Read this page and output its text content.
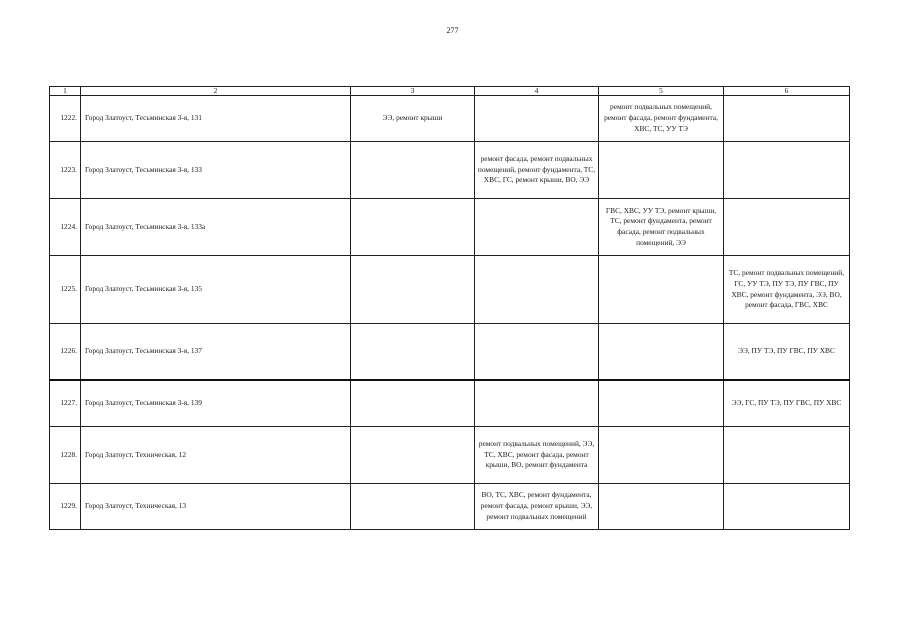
277
1	2	3	4	5	6
1222.	Город Златоуст, Тесьминская 3-я, 131	ЭЭ, ремонт крыши		ремонт подвальных помещений, ремонт фасада, ремонт фундамента, ХВС, ТС, УУ ТЭ	
1223.	Город Златоуст, Тесьминская 3-я, 133		ремонт фасада, ремонт подвальных помещений, ремонт фундамента, ТС, ХВС, ГС, ремонт крыши, ВО, ЭЭ		
1224.	Город Златоуст, Тесьминская 3-я, 133а			ГВС, ХВС, УУ ТЭ, ремонт крыши, ТС, ремонт фундамента, ремонт фасада, ремонт подвальных помещений, ЭЭ	
1225.	Город Златоуст, Тесьминская 3-я, 135				ТС, ремонт подвальных помещений, ГС, УУ ТЭ, ПУ ТЭ, ПУ ГВС, ПУ ХВС, ремонт фундамента, ЭЭ, ВО, ремонт фасада, ГВС, ХВС
1226.	Город Златоуст, Тесьминская 3-я, 137				ЭЭ, ПУ ТЭ, ПУ ГВС, ПУ ХВС
1227.	Город Златоуст, Тесьминская 3-я, 139				ЭЭ, ГС, ПУ ТЭ, ПУ ГВС, ПУ ХВС
1228.	Город Златоуст, Техническая, 12		ремонт подвальных помещений, ЭЭ, ТС, ХВС, ремонт фасада, ремонт крыши, ВО, ремонт фундамента		
1229.	Город Златоуст, Техническая, 13		ВО, ТС, ХВС, ремонт фундамента, ремонт фасада, ремонт крыши, ЭЭ, ремонт подвальных помещений		
